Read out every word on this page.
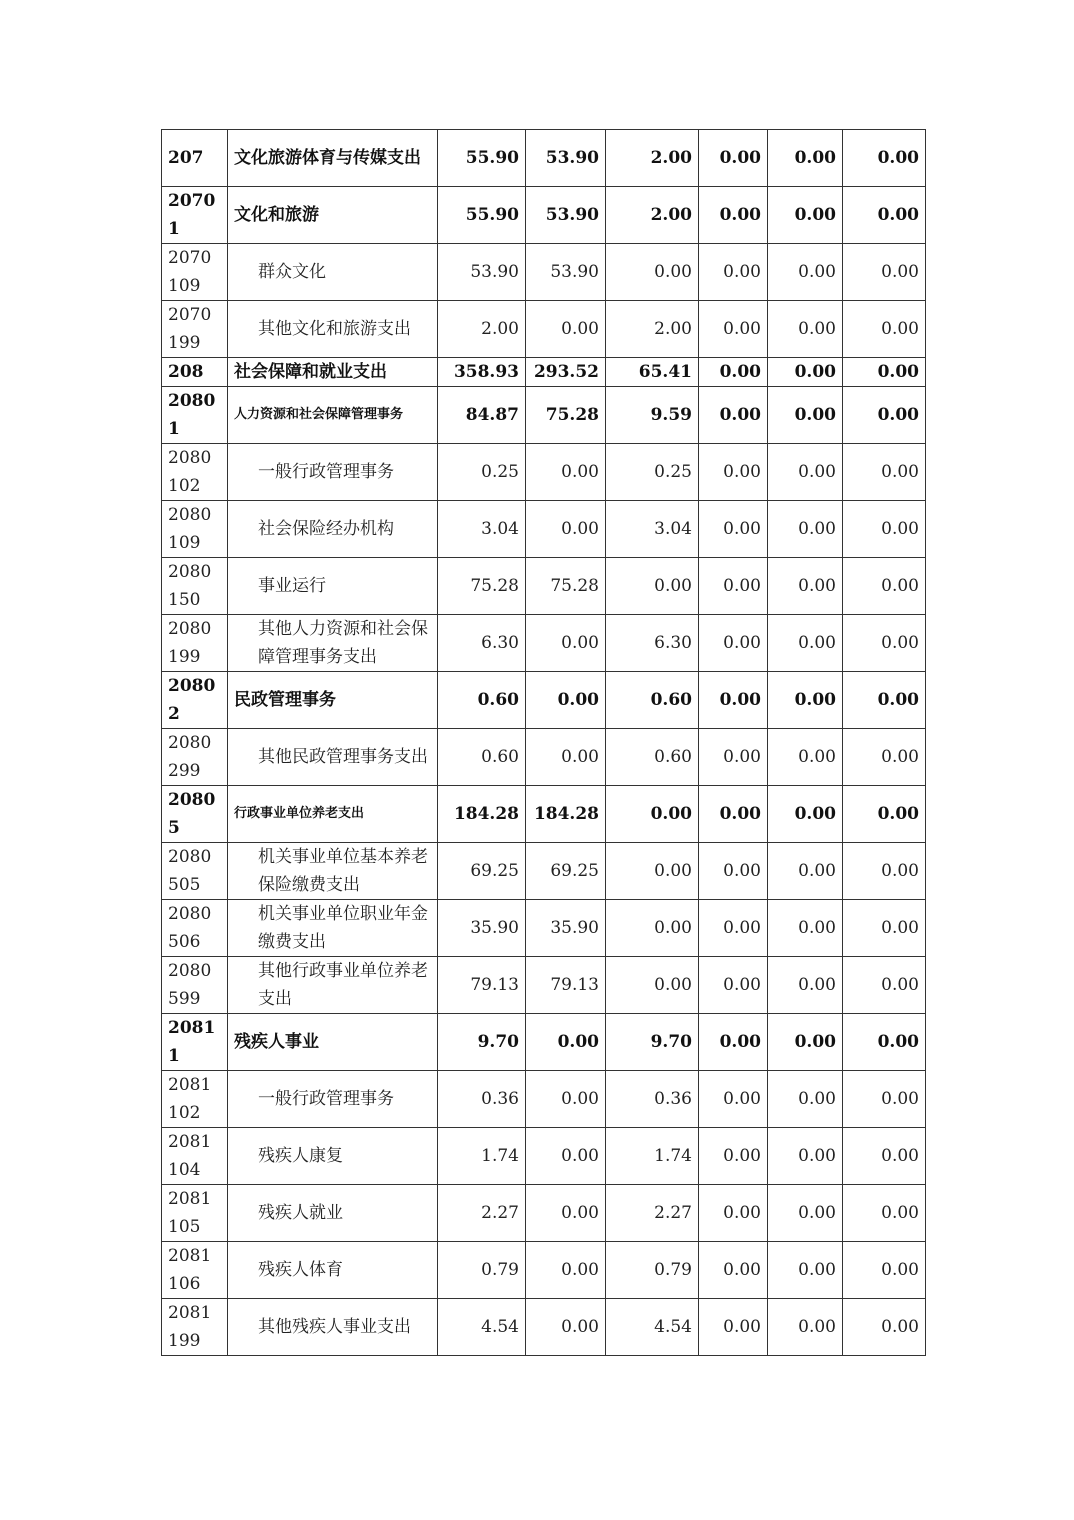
207	文化旅游体育与传媒支出	55.90	53.90	2.00	0.00	0.00	0.00
20701	文化和旅游	55.90	53.90	2.00	0.00	0.00	0.00
2070109	群众文化	53.90	53.90	0.00	0.00	0.00	0.00
2070199	其他文化和旅游支出	2.00	0.00	2.00	0.00	0.00	0.00
208	社会保障和就业支出	358.93	293.52	65.41	0.00	0.00	0.00
20801	人力资源和社会保障管理事务	84.87	75.28	9.59	0.00	0.00	0.00
2080102	一般行政管理事务	0.25	0.00	0.25	0.00	0.00	0.00
2080109	社会保险经办机构	3.04	0.00	3.04	0.00	0.00	0.00
2080150	事业运行	75.28	75.28	0.00	0.00	0.00	0.00
2080199	其他人力资源和社会保障管理事务支出	6.30	0.00	6.30	0.00	0.00	0.00
20802	民政管理事务	0.60	0.00	0.60	0.00	0.00	0.00
2080299	其他民政管理事务支出	0.60	0.00	0.60	0.00	0.00	0.00
20805	行政事业单位养老支出	184.28	184.28	0.00	0.00	0.00	0.00
2080505	机关事业单位基本养老保险缴费支出	69.25	69.25	0.00	0.00	0.00	0.00
2080506	机关事业单位职业年金缴费支出	35.90	35.90	0.00	0.00	0.00	0.00
2080599	其他行政事业单位养老支出	79.13	79.13	0.00	0.00	0.00	0.00
20811	残疾人事业	9.70	0.00	9.70	0.00	0.00	0.00
2081102	一般行政管理事务	0.36	0.00	0.36	0.00	0.00	0.00
2081104	残疾人康复	1.74	0.00	1.74	0.00	0.00	0.00
2081105	残疾人就业	2.27	0.00	2.27	0.00	0.00	0.00
2081106	残疾人体育	0.79	0.00	0.79	0.00	0.00	0.00
2081199	其他残疾人事业支出	4.54	0.00	4.54	0.00	0.00	0.00
